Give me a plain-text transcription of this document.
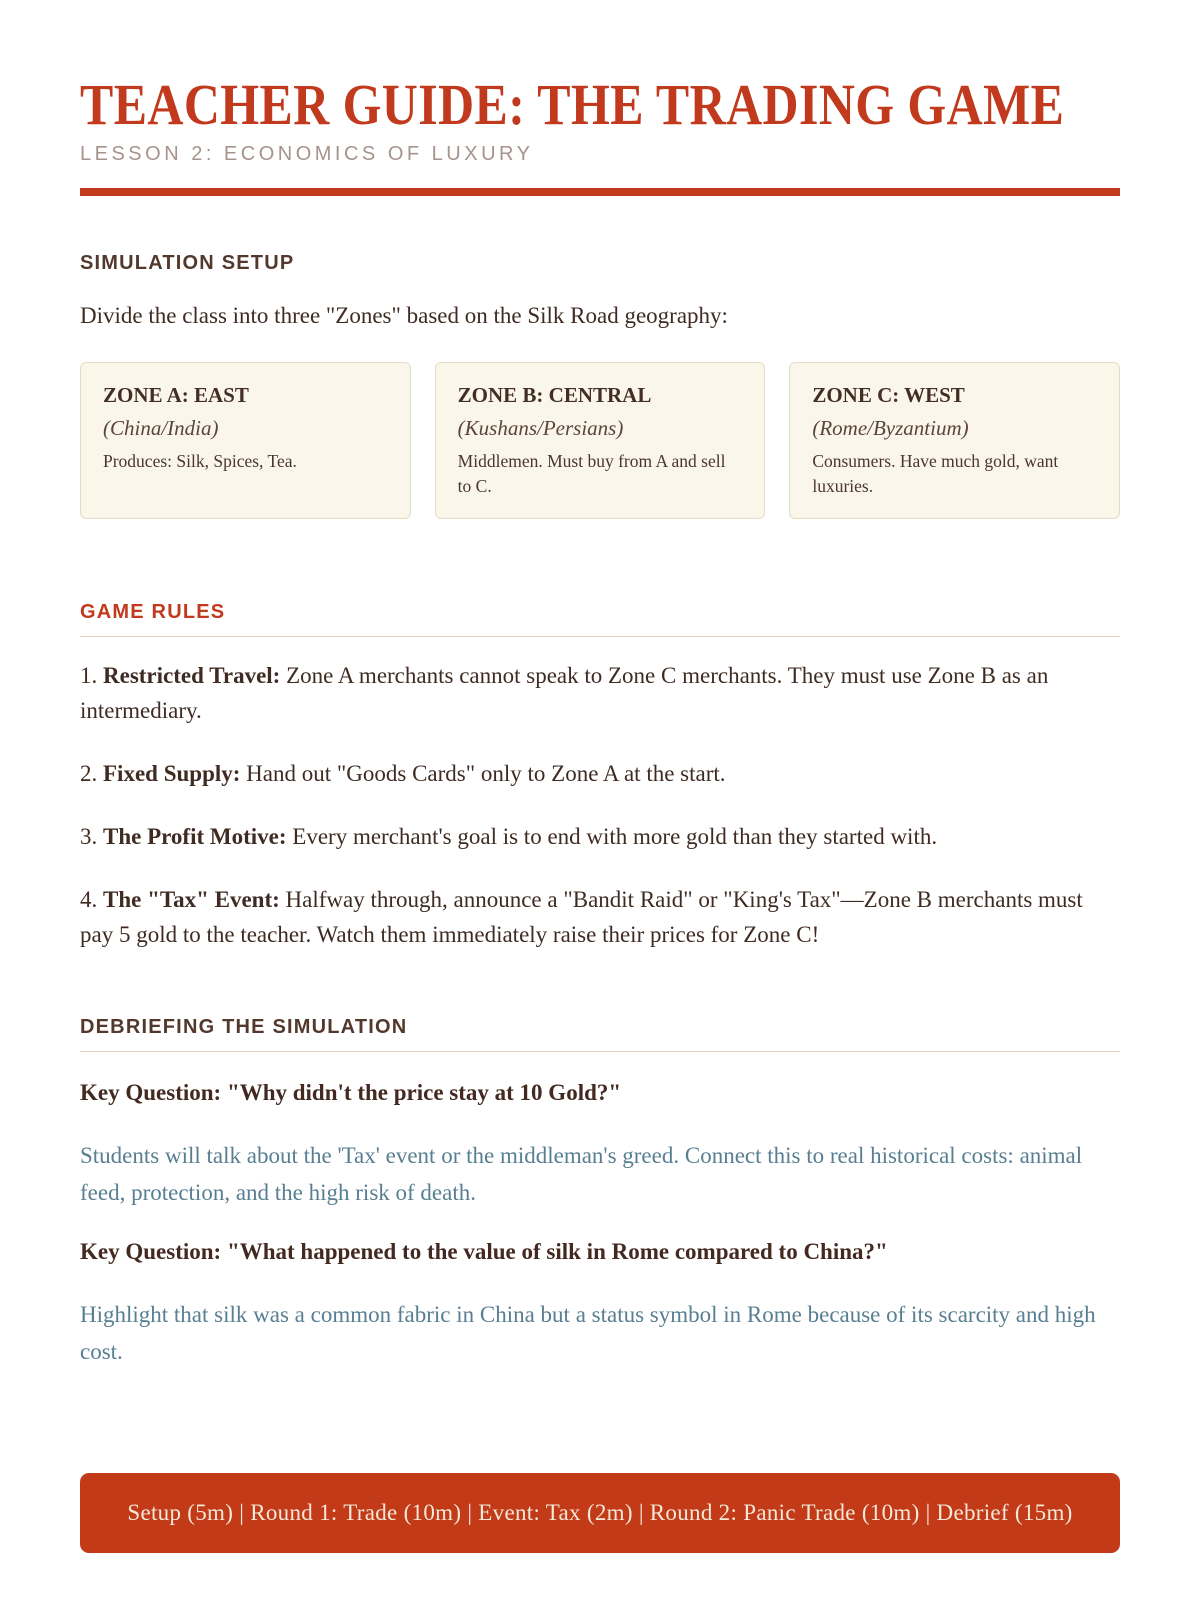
TEACHER GUIDE: THE TRADING GAME
LESSON 2: ECONOMICS OF LUXURY
SIMULATION SETUP

Divide the class into three "Zones" based on the Silk Road geography:

ZONE A: EAST
(China/India)
Produces: Silk, Spices, Tea.
ZONE B: CENTRAL
(Kushans/Persians)
Middlemen. Must buy from A and sell to C.
ZONE C: WEST
(Rome/Byzantium)
Consumers. Have much gold, want luxuries.
GAME RULES

1. Restricted Travel: Zone A merchants cannot speak to Zone C merchants. They must use Zone B as an intermediary.

2. Fixed Supply: Hand out "Goods Cards" only to Zone A at the start.

3. The Profit Motive: Every merchant's goal is to end with more gold than they started with.

4. The "Tax" Event: Halfway through, announce a "Bandit Raid" or "King's Tax"—Zone B merchants must pay 5 gold to the teacher. Watch them immediately raise their prices for Zone C!

DEBRIEFING THE SIMULATION

Key Question: "Why didn't the price stay at 10 Gold?"

Students will talk about the 'Tax' event or the middleman's greed. Connect this to real historical costs: animal feed, protection, and the high risk of death.

Key Question: "What happened to the value of silk in Rome compared to China?"

Highlight that silk was a common fabric in China but a status symbol in Rome because of its scarcity and high cost.

Setup (5m) | Round 1: Trade (10m) | Event: Tax (2m) | Round 2: Panic Trade (10m) | Debrief (15m)
